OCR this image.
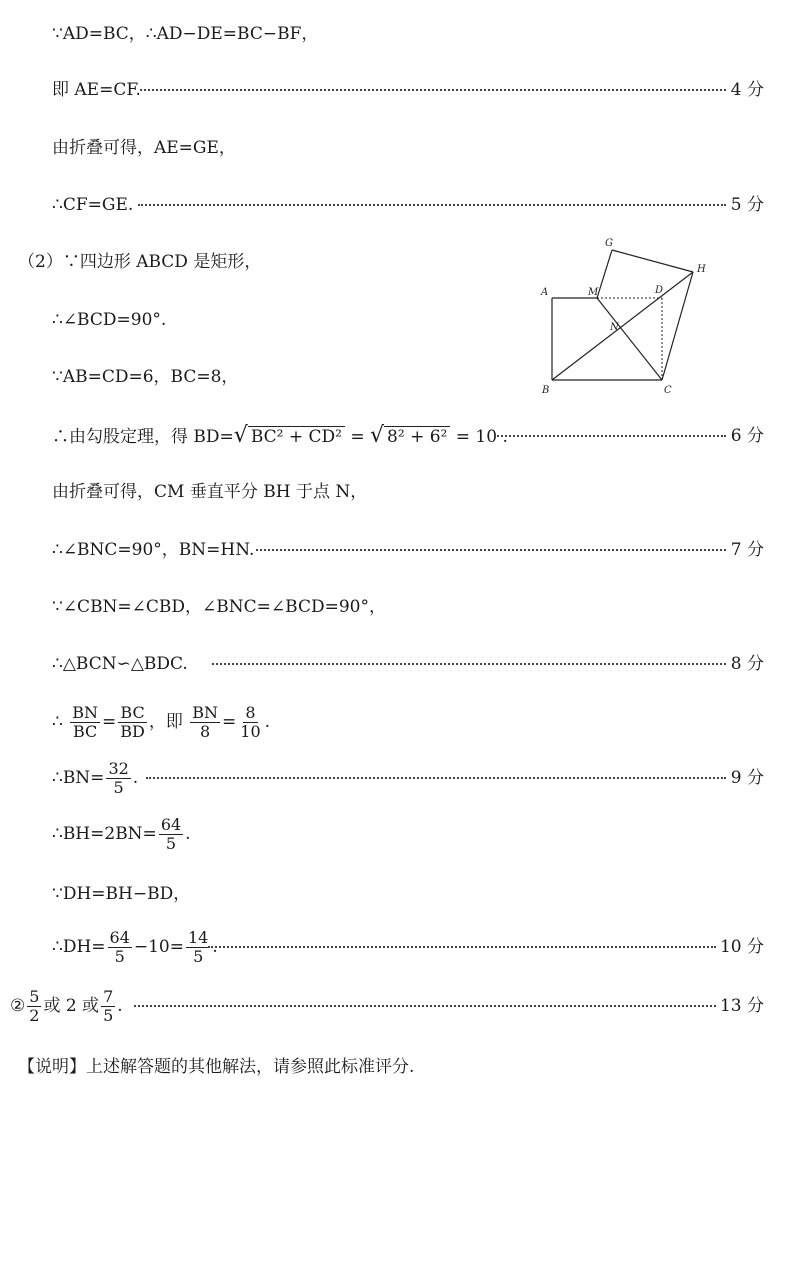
∵AD=BC，∴AD−DE=BC−BF，
即 AE=CF.	4 分
由折叠可得，AE=GE，
∴CF=GE.	5 分
（2）∵四边形 ABCD 是矩形，
∴∠BCD=90°.
∵AB=CD=6，BC=8，
∴由勾股定理，得 BD=√ BC² + CD² = √ 8² + 6² = 10 .	6 分
由折叠可得，CM 垂直平分 BH 于点 N，
∴∠BNC=90°，BN=HN.	7 分
∵∠CBN=∠CBD，∠BNC=∠BCD=90°，
∴△BCN∽△BDC.	8 分
∴ $\frac{BN}{BC} = \frac{BC}{BD}$ ，即 $\frac{BN}{8} = \frac{8}{10}$ .
∴BN= $\frac{32}{5}$ .	9 分
∴BH=2BN= $\frac{64}{5}$ .
∵DH=BH−BD，
∴DH= $\frac{64}{5} -10= \frac{14}{5}$ .	10 分
② $\frac{5}{2}$ 或 2 或 $\frac{7}{5}$ .	13 分
【说明】上述解答题的其他解法，请参照此标准评分.
A	M	D
G
H
N
B	C
